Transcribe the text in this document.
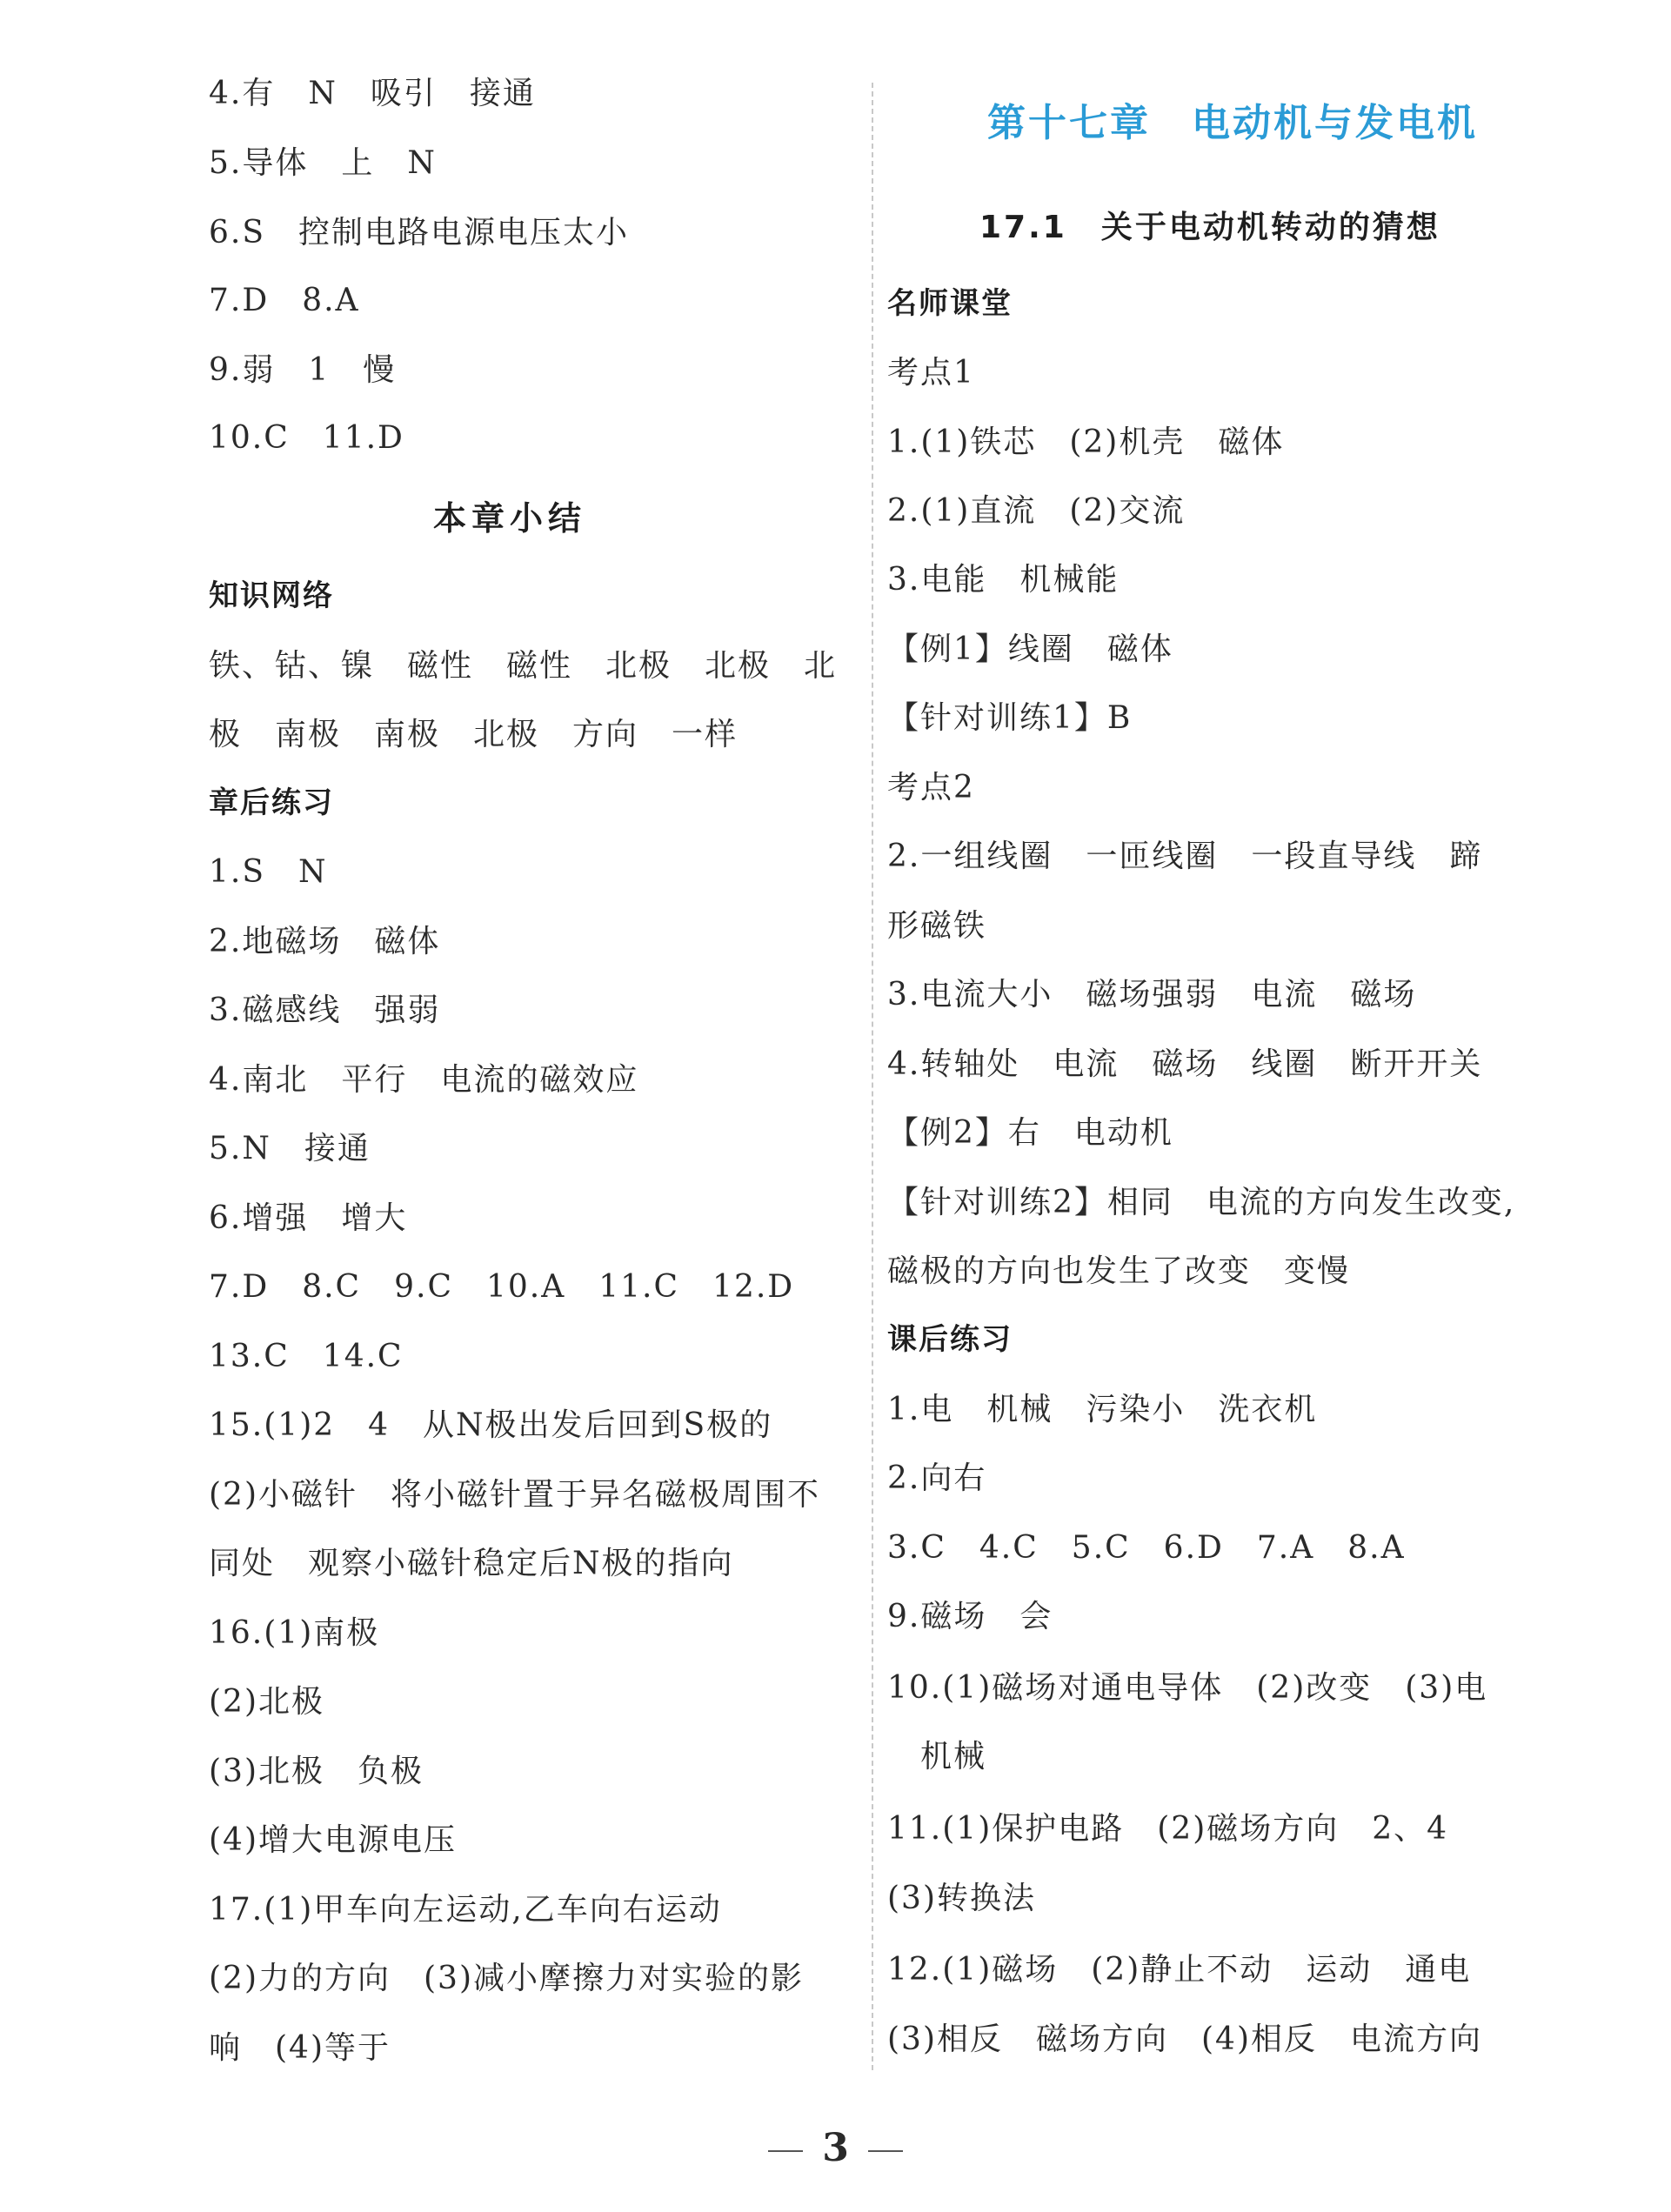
4.有　N　吸引　接通
5.导体　上　N
6.S　控制电路电源电压太小
7.D　8.A
9.弱　1　慢
10.C　11.D
本章小结
知识网络
铁、钴、镍　磁性　磁性　北极　北极　北
极　南极　南极　北极　方向　一样
章后练习
1.S　N
2.地磁场　磁体
3.磁感线　强弱
4.南北　平行　电流的磁效应
5.N　接通
6.增强　增大
7.D　8.C　9.C　10.A　11.C　12.D
13.C　14.C
15.(1)2　4　从N极出发后回到S极的
(2)小磁针　将小磁针置于异名磁极周围不
同处　观察小磁针稳定后N极的指向
16.(1)南极
(2)北极
(3)北极　负极
(4)增大电源电压
17.(1)甲车向左运动,乙车向右运动
(2)力的方向　(3)减小摩擦力对实验的影
响　(4)等于
第十七章　电动机与发电机
17.1　关于电动机转动的猜想
名师课堂
考点1
1.(1)铁芯　(2)机壳　磁体
2.(1)直流　(2)交流
3.电能　机械能
【例1】线圈　磁体
【针对训练1】B
考点2
2.一组线圈　一匝线圈　一段直导线　蹄
形磁铁
3.电流大小　磁场强弱　电流　磁场
4.转轴处　电流　磁场　线圈　断开开关
【例2】右　电动机
【针对训练2】相同　电流的方向发生改变,
磁极的方向也发生了改变　变慢
课后练习
1.电　机械　污染小　洗衣机
2.向右
3.C　4.C　5.C　6.D　7.A　8.A
9.磁场　会
10.(1)磁场对通电导体　(2)改变　(3)电
　机械
11.(1)保护电路　(2)磁场方向　2、4
(3)转换法
12.(1)磁场　(2)静止不动　运动　通电
(3)相反　磁场方向　(4)相反　电流方向
3
